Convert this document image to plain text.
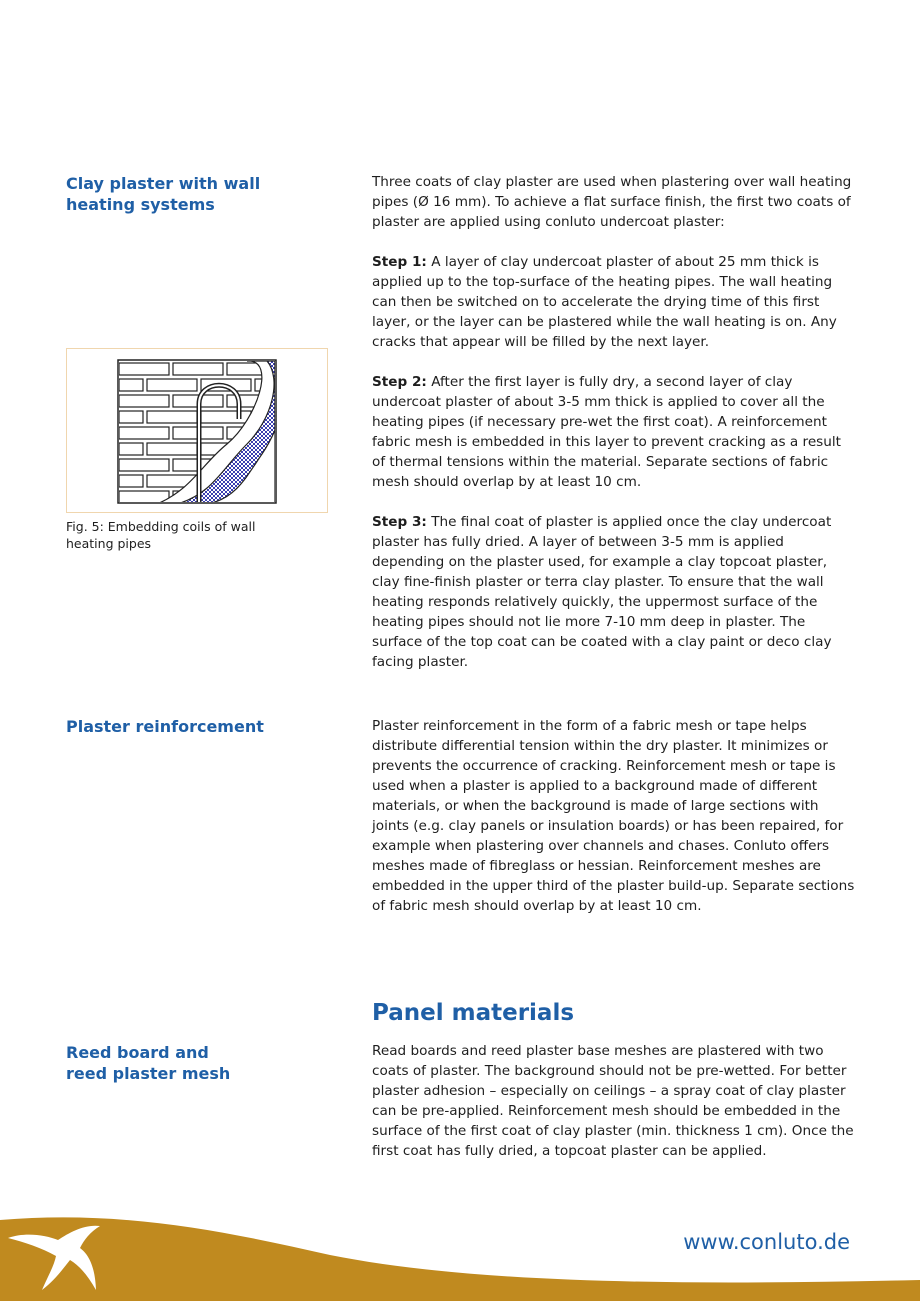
Clay plaster with wall
heating systems

Three coats of clay plaster are used when plastering over wall heating pipes (Ø 16 mm). To achieve a flat surface finish, the first two coats of plaster are applied using conluto undercoat plaster:

Step 1: A layer of clay undercoat plaster of about 25 mm thick is applied up to the top-surface of the heating pipes. The wall heating can then be switched on to accelerate the drying time of this first layer, or the layer can be plastered while the wall heating is on. Any cracks that appear will be filled by the next layer.

Step 2: After the first layer is fully dry, a second layer of clay undercoat plaster of about 3-5 mm thick is applied to cover all the heating pipes (if necessary pre-wet the first coat). A reinforcement fabric mesh is embedded in this layer to prevent cracking as a result of thermal tensions within the material. Separate sections of fabric mesh should overlap by at least 10 cm.

Step 3: The final coat of plaster is applied once the clay undercoat plaster has fully dried. A layer of between 3-5 mm is applied depending on the plaster used, for example a clay topcoat plaster, clay fine-finish plaster or terra clay plaster. To ensure that the wall heating responds relatively quickly, the uppermost surface of the heating pipes should not lie more 7-10 mm deep in plaster. The surface of the top coat can be coated with a clay paint or deco clay facing plaster.

Fig. 5: Embedding coils of wall heating pipes
Plaster reinforcement	Plaster reinforcement in the form of a fabric mesh or tape helps distribute differential tension within the dry plaster. It minimizes or prevents the occurrence of cracking. Reinforcement mesh or tape is used when a plaster is applied to a background made of different materials, or when the background is made of large sections with joints (e.g. clay panels or insulation boards) or has been repaired, for example when plastering over channels and chases. Conluto offers meshes made of fibreglass or hessian. Reinforcement meshes are embedded in the upper third of the plaster build-up. Separate sections of fabric mesh should overlap by at least 10 cm.

Panel materials
Reed board and
reed plaster mesh

Read boards and reed plaster base meshes are plastered with two coats of plaster. The background should not be pre-wetted. For better plaster adhesion – especially on ceilings – a spray coat of clay plaster can be pre-applied. Reinforcement mesh should be embedded in the surface of the first coat of clay plaster (min. thickness 1 cm). Once the first coat has fully dried, a topcoat plaster can be applied.

www.conluto.de
